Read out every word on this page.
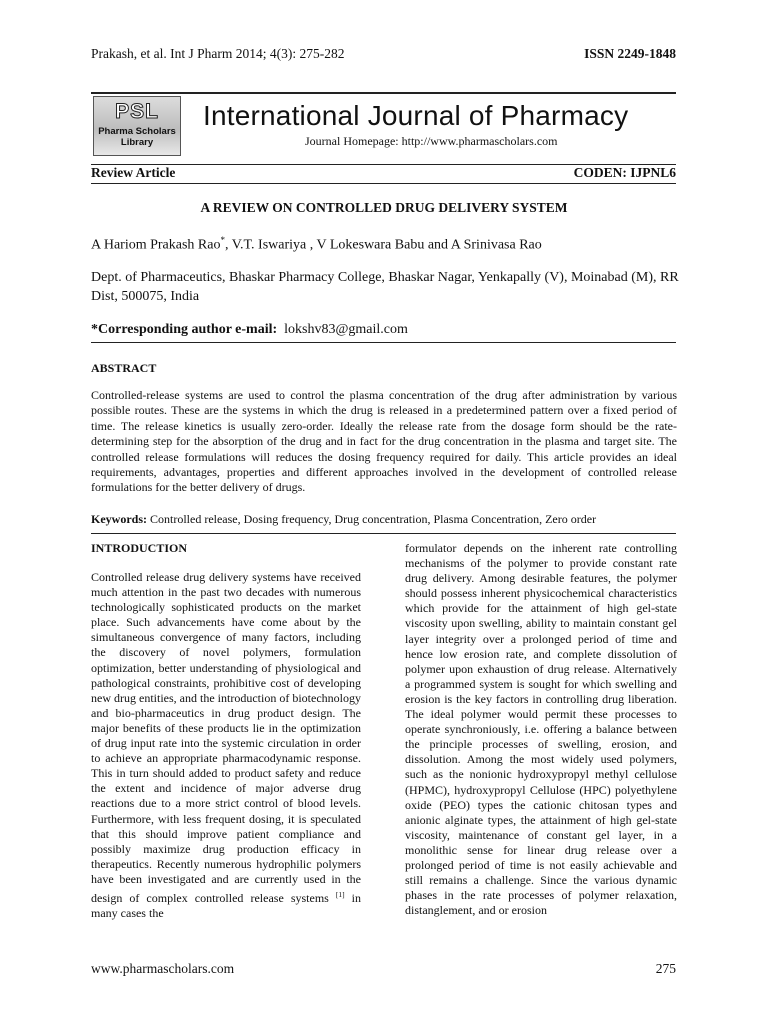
Prakash, et al. Int J Pharm 2014; 4(3): 275-282	ISSN 2249-1848
PSL
Pharma Scholars Library
International Journal of Pharmacy
Journal Homepage: http://www.pharmascholars.com
Review Article	CODEN: IJPNL6
A REVIEW ON CONTROLLED DRUG DELIVERY SYSTEM
A Hariom Prakash Rao*, V.T. Iswariya , V Lokeswara Babu and A Srinivasa Rao
Dept. of Pharmaceutics, Bhaskar Pharmacy College, Bhaskar Nagar, Yenkapally (V), Moinabad (M), RR Dist, 500075, India
*Corresponding author e-mail: lokshv83@gmail.com
ABSTRACT
Controlled-release systems are used to control the plasma concentration of the drug after administration by various possible routes. These are the systems in which the drug is released in a predetermined pattern over a fixed period of time. The release kinetics is usually zero-order. Ideally the release rate from the dosage form should be the rate-determining step for the absorption of the drug and in fact for the drug concentration in the plasma and target site. The controlled release formulations will reduces the dosing frequency required for daily. This article provides an ideal requirements, advantages, properties and different approaches involved in the development of controlled release formulations for the better delivery of drugs.
Keywords: Controlled release, Dosing frequency, Drug concentration, Plasma Concentration, Zero order
INTRODUCTION

Controlled release drug delivery systems have received much attention in the past two decades with numerous technologically sophisticated products on the market place. Such advancements have come about by the simultaneous convergence of many factors, including the discovery of novel polymers, formulation optimization, better understanding of physiological and pathological constraints, prohibitive cost of developing new drug entities, and the introduction of biotechnology and bio-pharmaceutics in drug product design. The major benefits of these products lie in the optimization of drug input rate into the systemic circulation in order to achieve an appropriate pharmacodynamic response. This in turn should added to product safety and reduce the extent and incidence of major adverse drug reactions due to a more strict control of blood levels. Furthermore, with less frequent dosing, it is speculated that this should improve patient compliance and possibly maximize drug production efficacy in therapeutics. Recently numerous hydrophilic polymers have been investigated and are currently used in the design of complex controlled release systems [1] in many cases the

formulator depends on the inherent rate controlling mechanisms of the polymer to provide constant rate drug delivery. Among desirable features, the polymer should possess inherent physicochemical characteristics which provide for the attainment of high gel-state viscosity upon swelling, ability to maintain constant gel layer integrity over a prolonged period of time and hence low erosion rate, and complete dissolution of polymer upon exhaustion of drug release. Alternatively a programmed system is sought for which swelling and erosion is the key factors in controlling drug liberation. The ideal polymer would permit these processes to operate synchroniously, i.e. offering a balance between the principle processes of swelling, erosion, and dissolution. Among the most widely used polymers, such as the nonionic hydroxypropyl methyl cellulose (HPMC), hydroxypropyl Cellulose (HPC) polyethylene oxide (PEO) types the cationic chitosan types and anionic alginate types, the attainment of high gel-state viscosity, maintenance of constant gel layer, in a monolithic sense for linear drug release over a prolonged period of time is not easily achievable and still remains a challenge. Since the various dynamic phases in the rate processes of polymer relaxation, distanglement, and or erosion

www.pharmascholars.com	275
